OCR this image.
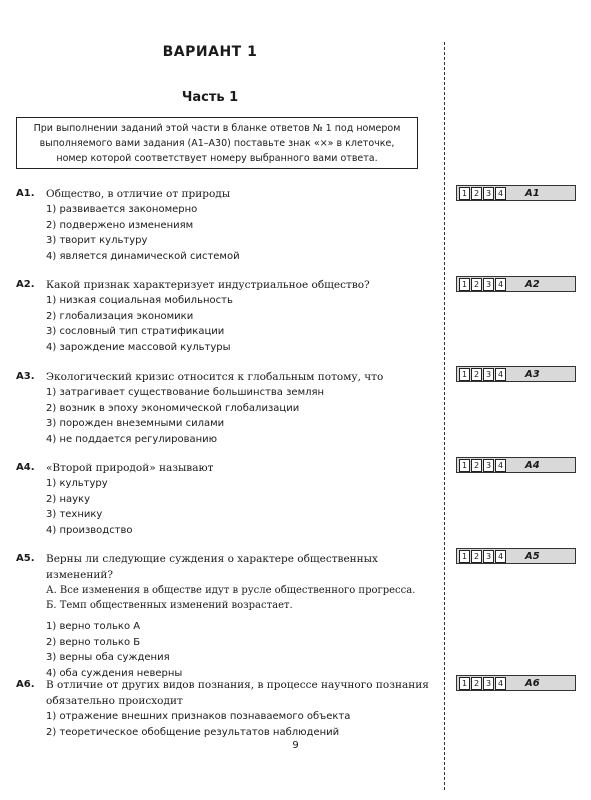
ВАРИАНТ 1
Часть 1
При выполнении заданий этой части в бланке ответов № 1 под номером выполняемого вами задания (А1–А30) поставьте знак «×» в клеточке, номер которой соответствует номеру выбранного вами ответа.
А1.	Общество, в отличие от природы
1) развивается закономерно
2) подвержено изменениям
3) творит культуру
4) является динамической системой
1 2 3 4 А1
А2.	Какой признак характеризует индустриальное общество?
1) низкая социальная мобильность
2) глобализация экономики
3) сословный тип стратификации
4) зарождение массовой культуры
1 2 3 4 А2
А3.	Экологический кризис относится к глобальным потому, что
1) затрагивает существование большинства землян
2) возник в эпоху экономической глобализации
3) порожден внеземными силами
4) не поддается регулированию
1 2 3 4 А3
А4.	«Второй природой» называют
1) культуру
2) науку
3) технику
4) производство
1 2 3 4 А4
А5.	Верны ли следующие суждения о характере общественных изменений?
А. Все изменения в обществе идут в русле общественного прогресса.
Б. Темп общественных изменений возрастает.
1) верно только А
2) верно только Б
3) верны оба суждения
4) оба суждения неверны
1 2 3 4 А5
А6.	В отличие от других видов познания, в процессе научного познания обязательно происходит
1) отражение внешних признаков познаваемого объекта
2) теоретическое обобщение результатов наблюдений
1 2 3 4 А6
9
